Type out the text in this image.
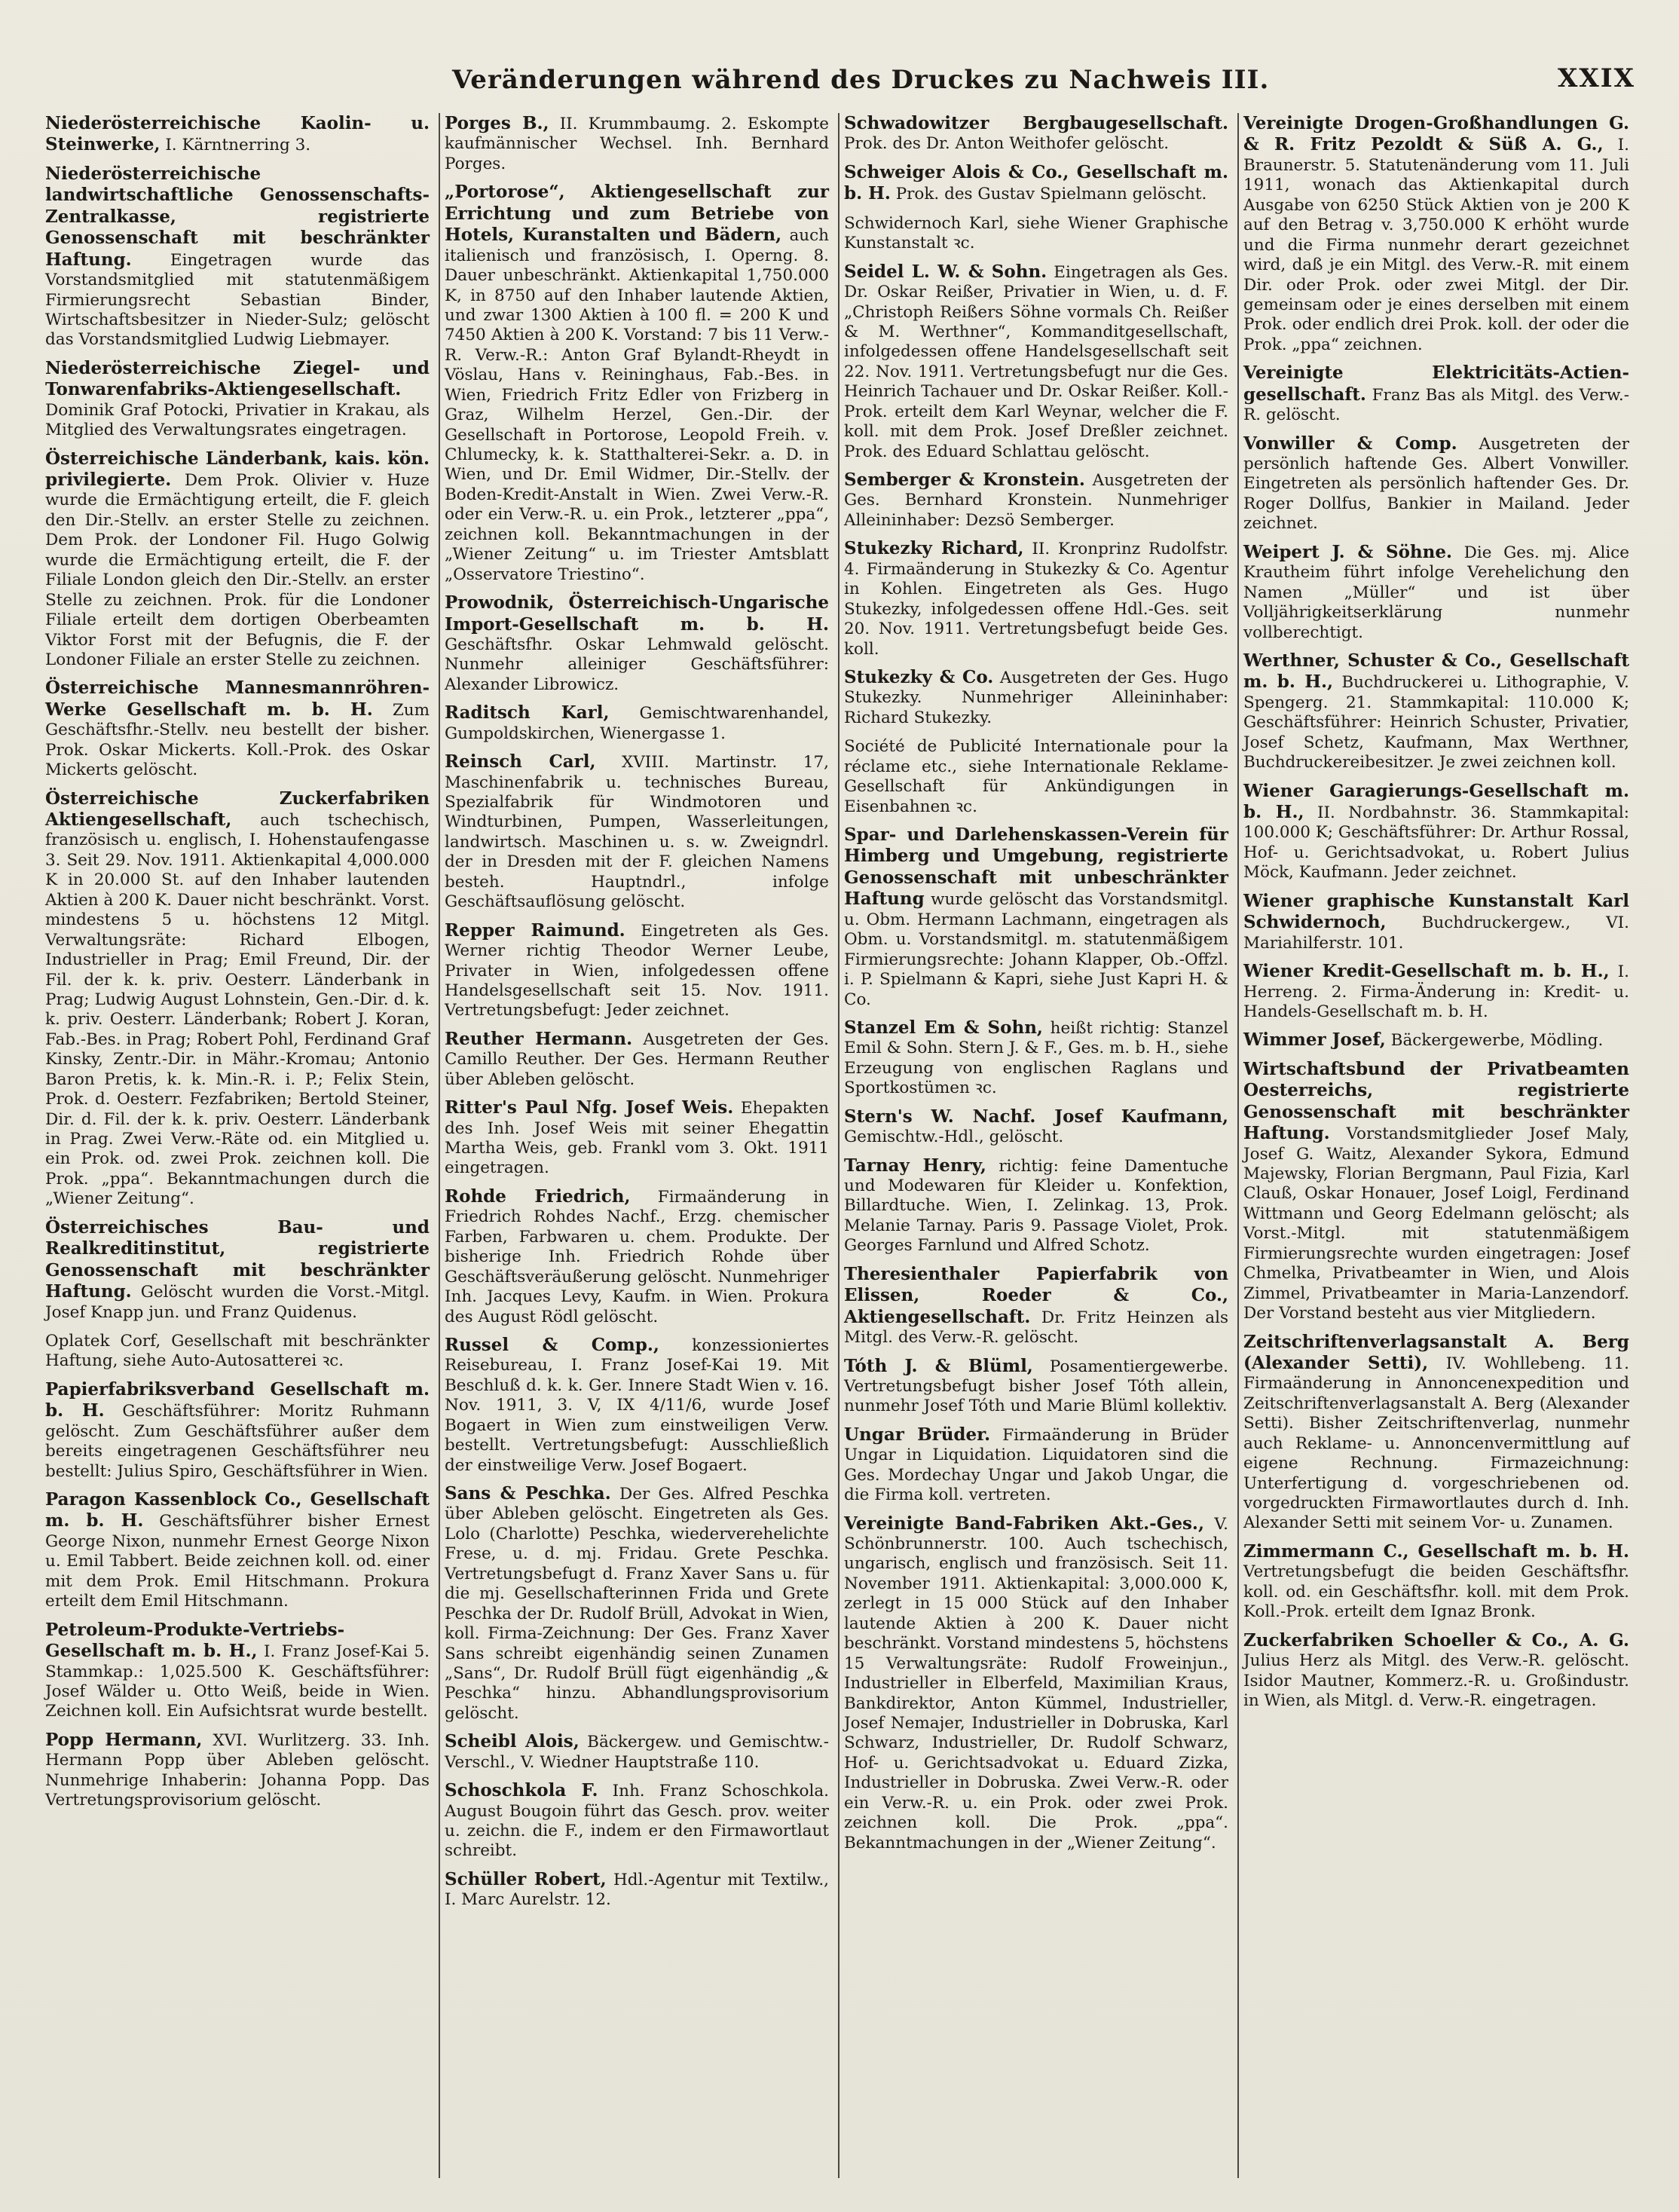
Veränderungen während des Druckes zu Nachweis III.	XXIX

Niederösterreichische Kaolin- u. Steinwerke, I. Kärntnerring 3.

Niederösterreichische landwirtschaftliche Genossenschafts-Zentralkasse, registrierte Genossenschaft mit beschränkter Haftung. Eingetragen wurde das Vorstandsmitglied mit statutenmäßigem Firmierungsrecht Sebastian Binder, Wirtschaftsbesitzer in Nieder-Sulz; gelöscht das Vorstandsmitglied Ludwig Liebmayer.

Niederösterreichische Ziegel- und Tonwarenfabriks-Aktiengesellschaft. Dominik Graf Potocki, Privatier in Krakau, als Mitglied des Verwaltungsrates eingetragen.

Österreichische Länderbank, kais. kön. privilegierte. Dem Prok. Olivier v. Huze wurde die Ermächtigung erteilt, die F. gleich den Dir.-Stellv. an erster Stelle zu zeichnen. Dem Prok. der Londoner Fil. Hugo Golwig wurde die Ermächtigung erteilt, die F. der Filiale London gleich den Dir.-Stellv. an erster Stelle zu zeichnen. Prok. für die Londoner Filiale erteilt dem dortigen Oberbeamten Viktor Forst mit der Befugnis, die F. der Londoner Filiale an erster Stelle zu zeichnen.

Österreichische Mannesmannröhren-Werke Gesellschaft m. b. H. Zum Geschäftsfhr.-Stellv. neu bestellt der bisher. Prok. Oskar Mickerts. Koll.-Prok. des Oskar Mickerts gelöscht.

Österreichische Zuckerfabriken Aktiengesellschaft, auch tschechisch, französisch u. englisch, I. Hohenstaufengasse 3. Seit 29. Nov. 1911. Aktienkapital 4,000.000 K in 20.000 St. auf den Inhaber lautenden Aktien à 200 K. Dauer nicht beschränkt. Vorst. mindestens 5 u. höchstens 12 Mitgl. Verwaltungsräte: Richard Elbogen, Industrieller in Prag; Emil Freund, Dir. der Fil. der k. k. priv. Oesterr. Länderbank in Prag; Ludwig August Lohnstein, Gen.-Dir. d. k. k. priv. Oesterr. Länderbank; Robert J. Koran, Fab.-Bes. in Prag; Robert Pohl, Ferdinand Graf Kinsky, Zentr.-Dir. in Mähr.-Kromau; Antonio Baron Pretis, k. k. Min.-R. i. P.; Felix Stein, Prok. d. Oesterr. Fezfabriken; Bertold Steiner, Dir. d. Fil. der k. k. priv. Oesterr. Länderbank in Prag. Zwei Verw.-Räte od. ein Mitglied u. ein Prok. od. zwei Prok. zeichnen koll. Die Prok. „ppa“. Bekanntmachungen durch die „Wiener Zeitung“.

Österreichisches Bau- und Realkreditinstitut, registrierte Genossenschaft mit beschränkter Haftung. Gelöscht wurden die Vorst.-Mitgl. Josef Knapp jun. und Franz Quidenus.

Oplatek Corf, Gesellschaft mit beschränkter Haftung, siehe Auto-Autosatterei ꝛc.

Papierfabriksverband Gesellschaft m. b. H. Geschäftsführer: Moritz Ruhmann gelöscht. Zum Geschäftsführer außer dem bereits eingetragenen Geschäftsführer neu bestellt: Julius Spiro, Geschäftsführer in Wien.

Paragon Kassenblock Co., Gesellschaft m. b. H. Geschäftsführer bisher Ernest George Nixon, nunmehr Ernest George Nixon u. Emil Tabbert. Beide zeichnen koll. od. einer mit dem Prok. Emil Hitschmann. Prokura erteilt dem Emil Hitschmann.

Petroleum-Produkte-Vertriebs-Gesellschaft m. b. H., I. Franz Josef-Kai 5. Stammkap.: 1,025.500 K. Geschäftsführer: Josef Wälder u. Otto Weiß, beide in Wien. Zeichnen koll. Ein Aufsichtsrat wurde bestellt.

Popp Hermann, XVI. Wurlitzerg. 33. Inh. Hermann Popp über Ableben gelöscht. Nunmehrige Inhaberin: Johanna Popp. Das Vertretungsprovisorium gelöscht.

Porges B., II. Krummbaumg. 2. Eskompte kaufmännischer Wechsel. Inh. Bernhard Porges.

„Portorose“, Aktiengesellschaft zur Errichtung und zum Betriebe von Hotels, Kuranstalten und Bädern, auch italienisch und französisch, I. Operng. 8. Dauer unbeschränkt. Aktienkapital 1,750.000 K, in 8750 auf den Inhaber lautende Aktien, und zwar 1300 Aktien à 100 fl. = 200 K und 7450 Aktien à 200 K. Vorstand: 7 bis 11 Verw.-R. Verw.-R.: Anton Graf Bylandt-Rheydt in Vöslau, Hans v. Reininghaus, Fab.-Bes. in Wien, Friedrich Fritz Edler von Frizberg in Graz, Wilhelm Herzel, Gen.-Dir. der Gesellschaft in Portorose, Leopold Freih. v. Chlumecky, k. k. Statthalterei-Sekr. a. D. in Wien, und Dr. Emil Widmer, Dir.-Stellv. der Boden-Kredit-Anstalt in Wien. Zwei Verw.-R. oder ein Verw.-R. u. ein Prok., letzterer „ppa“, zeichnen koll. Bekanntmachungen in der „Wiener Zeitung“ u. im Triester Amtsblatt „Osservatore Triestino“.

Prowodnik, Österreichisch-Ungarische Import-Gesellschaft m. b. H. Geschäftsfhr. Oskar Lehmwald gelöscht. Nunmehr alleiniger Geschäftsführer: Alexander Librowicz.

Raditsch Karl, Gemischtwarenhandel, Gumpoldskirchen, Wienergasse 1.

Reinsch Carl, XVIII. Martinstr. 17, Maschinenfabrik u. technisches Bureau, Spezialfabrik für Windmotoren und Windturbinen, Pumpen, Wasserleitungen, landwirtsch. Maschinen u. s. w. Zweigndrl. der in Dresden mit der F. gleichen Namens besteh. Hauptndrl., infolge Geschäftsauflösung gelöscht.

Repper Raimund. Eingetreten als Ges. Werner richtig Theodor Werner Leube, Privater in Wien, infolgedessen offene Handelsgesellschaft seit 15. Nov. 1911. Vertretungsbefugt: Jeder zeichnet.

Reuther Hermann. Ausgetreten der Ges. Camillo Reuther. Der Ges. Hermann Reuther über Ableben gelöscht.

Ritter's Paul Nfg. Josef Weis. Ehepakten des Inh. Josef Weis mit seiner Ehegattin Martha Weis, geb. Frankl vom 3. Okt. 1911 eingetragen.

Rohde Friedrich, Firmaänderung in Friedrich Rohdes Nachf., Erzg. chemischer Farben, Farbwaren u. chem. Produkte. Der bisherige Inh. Friedrich Rohde über Geschäftsveräußerung gelöscht. Nunmehriger Inh. Jacques Levy, Kaufm. in Wien. Prokura des August Rödl gelöscht.

Russel & Comp., konzessioniertes Reisebureau, I. Franz Josef-Kai 19. Mit Beschluß d. k. k. Ger. Innere Stadt Wien v. 16. Nov. 1911, 3. V, IX 4/11/6, wurde Josef Bogaert in Wien zum einstweiligen Verw. bestellt. Vertretungsbefugt: Ausschließlich der einstweilige Verw. Josef Bogaert.

Sans & Peschka. Der Ges. Alfred Peschka über Ableben gelöscht. Eingetreten als Ges. Lolo (Charlotte) Peschka, wiederverehelichte Frese, u. d. mj. Fridau. Grete Peschka. Vertretungsbefugt d. Franz Xaver Sans u. für die mj. Gesellschafterinnen Frida und Grete Peschka der Dr. Rudolf Brüll, Advokat in Wien, koll. Firma-Zeichnung: Der Ges. Franz Xaver Sans schreibt eigenhändig seinen Zunamen „Sans“, Dr. Rudolf Brüll fügt eigenhändig „& Peschka“ hinzu. Abhandlungsprovisorium gelöscht.

Scheibl Alois, Bäckergew. und Gemischtw.-Verschl., V. Wiedner Hauptstraße 110.

Schoschkola F. Inh. Franz Schoschkola. August Bougoin führt das Gesch. prov. weiter u. zeichn. die F., indem er den Firmawortlaut schreibt.

Schüller Robert, Hdl.-Agentur mit Textilw., I. Marc Aurelstr. 12.

Schwadowitzer Bergbaugesellschaft. Prok. des Dr. Anton Weithofer gelöscht.

Schweiger Alois & Co., Gesellschaft m. b. H. Prok. des Gustav Spielmann gelöscht.

Schwidernoch Karl, siehe Wiener Graphische Kunstanstalt ꝛc.

Seidel L. W. & Sohn. Eingetragen als Ges. Dr. Oskar Reißer, Privatier in Wien, u. d. F. „Christoph Reißers Söhne vormals Ch. Reißer & M. Werthner“, Kommanditgesellschaft, infolgedessen offene Handelsgesellschaft seit 22. Nov. 1911. Vertretungsbefugt nur die Ges. Heinrich Tachauer und Dr. Oskar Reißer. Koll.-Prok. erteilt dem Karl Weynar, welcher die F. koll. mit dem Prok. Josef Dreßler zeichnet. Prok. des Eduard Schlattau gelöscht.

Semberger & Kronstein. Ausgetreten der Ges. Bernhard Kronstein. Nunmehriger Alleininhaber: Dezsö Semberger.

Stukezky Richard, II. Kronprinz Rudolfstr. 4. Firmaänderung in Stukezky & Co. Agentur in Kohlen. Eingetreten als Ges. Hugo Stukezky, infolgedessen offene Hdl.-Ges. seit 20. Nov. 1911. Vertretungsbefugt beide Ges. koll.

Stukezky & Co. Ausgetreten der Ges. Hugo Stukezky. Nunmehriger Alleininhaber: Richard Stukezky.

Société de Publicité Internationale pour la réclame etc., siehe Internationale Reklame-Gesellschaft für Ankündigungen in Eisenbahnen ꝛc.

Spar- und Darlehenskassen-Verein für Himberg und Umgebung, registrierte Genossenschaft mit unbeschränkter Haftung wurde gelöscht das Vorstandsmitgl. u. Obm. Hermann Lachmann, eingetragen als Obm. u. Vorstandsmitgl. m. statutenmäßigem Firmierungsrechte: Johann Klapper, Ob.-Offzl. i. P. Spielmann & Kapri, siehe Just Kapri H. & Co.

Stanzel Em & Sohn, heißt richtig: Stanzel Emil & Sohn. Stern J. & F., Ges. m. b. H., siehe Erzeugung von englischen Raglans und Sportkostümen ꝛc.

Stern's W. Nachf. Josef Kaufmann, Gemischtw.-Hdl., gelöscht.

Tarnay Henry, richtig: feine Damentuche und Modewaren für Kleider u. Konfektion, Billardtuche. Wien, I. Zelinkag. 13, Prok. Melanie Tarnay. Paris 9. Passage Violet, Prok. Georges Farnlund und Alfred Schotz.

Theresienthaler Papierfabrik von Elissen, Roeder & Co., Aktiengesellschaft. Dr. Fritz Heinzen als Mitgl. des Verw.-R. gelöscht.

Tóth J. & Blüml, Posamentiergewerbe. Vertretungsbefugt bisher Josef Tóth allein, nunmehr Josef Tóth und Marie Blüml kollektiv.

Ungar Brüder. Firmaänderung in Brüder Ungar in Liquidation. Liquidatoren sind die Ges. Mordechay Ungar und Jakob Ungar, die die Firma koll. vertreten.

Vereinigte Band-Fabriken Akt.-Ges., V. Schönbrunnerstr. 100. Auch tschechisch, ungarisch, englisch und französisch. Seit 11. November 1911. Aktienkapital: 3,000.000 K, zerlegt in 15 000 Stück auf den Inhaber lautende Aktien à 200 K. Dauer nicht beschränkt. Vorstand mindestens 5, höchstens 15 Verwaltungsräte: Rudolf Froweinjun., Industrieller in Elberfeld, Maximilian Kraus, Bankdirektor, Anton Kümmel, Industrieller, Josef Nemajer, Industrieller in Dobruska, Karl Schwarz, Industrieller, Dr. Rudolf Schwarz, Hof- u. Gerichtsadvokat u. Eduard Zizka, Industrieller in Dobruska. Zwei Verw.-R. oder ein Verw.-R. u. ein Prok. oder zwei Prok. zeichnen koll. Die Prok. „ppa“. Bekanntmachungen in der „Wiener Zeitung“.

Vereinigte Drogen-Großhandlungen G. & R. Fritz Pezoldt & Süß A. G., I. Braunerstr. 5. Statutenänderung vom 11. Juli 1911, wonach das Aktienkapital durch Ausgabe von 6250 Stück Aktien von je 200 K auf den Betrag v. 3,750.000 K erhöht wurde und die Firma nunmehr derart gezeichnet wird, daß je ein Mitgl. des Verw.-R. mit einem Dir. oder Prok. oder zwei Mitgl. der Dir. gemeinsam oder je eines derselben mit einem Prok. oder endlich drei Prok. koll. der oder die Prok. „ppa“ zeichnen.

Vereinigte Elektricitäts-Actien-gesellschaft. Franz Bas als Mitgl. des Verw.-R. gelöscht.

Vonwiller & Comp. Ausgetreten der persönlich haftende Ges. Albert Vonwiller. Eingetreten als persönlich haftender Ges. Dr. Roger Dollfus, Bankier in Mailand. Jeder zeichnet.

Weipert J. & Söhne. Die Ges. mj. Alice Krautheim führt infolge Verehelichung den Namen „Müller“ und ist über Volljährigkeitserklärung nunmehr vollberechtigt.

Werthner, Schuster & Co., Gesellschaft m. b. H., Buchdruckerei u. Lithographie, V. Spengerg. 21. Stammkapital: 110.000 K; Geschäftsführer: Heinrich Schuster, Privatier, Josef Schetz, Kaufmann, Max Werthner, Buchdruckereibesitzer. Je zwei zeichnen koll.

Wiener Garagierungs-Gesellschaft m. b. H., II. Nordbahnstr. 36. Stammkapital: 100.000 K; Geschäftsführer: Dr. Arthur Rossal, Hof- u. Gerichtsadvokat, u. Robert Julius Möck, Kaufmann. Jeder zeichnet.

Wiener graphische Kunstanstalt Karl Schwidernoch, Buchdruckergew., VI. Mariahilferstr. 101.

Wiener Kredit-Gesellschaft m. b. H., I. Herreng. 2. Firma-Änderung in: Kredit- u. Handels-Gesellschaft m. b. H.

Wimmer Josef, Bäckergewerbe, Mödling.

Wirtschaftsbund der Privatbeamten Oesterreichs, registrierte Genossenschaft mit beschränkter Haftung. Vorstandsmitglieder Josef Maly, Josef G. Waitz, Alexander Sykora, Edmund Majewsky, Florian Bergmann, Paul Fizia, Karl Clauß, Oskar Honauer, Josef Loigl, Ferdinand Wittmann und Georg Edelmann gelöscht; als Vorst.-Mitgl. mit statutenmäßigem Firmierungsrechte wurden eingetragen: Josef Chmelka, Privatbeamter in Wien, und Alois Zimmel, Privatbeamter in Maria-Lanzendorf. Der Vorstand besteht aus vier Mitgliedern.

Zeitschriftenverlagsanstalt A. Berg (Alexander Setti), IV. Wohllebeng. 11. Firmaänderung in Annoncenexpedition und Zeitschriftenverlagsanstalt A. Berg (Alexander Setti). Bisher Zeitschriftenverlag, nunmehr auch Reklame- u. Annoncenvermittlung auf eigene Rechnung. Firmazeichnung: Unterfertigung d. vorgeschriebenen od. vorgedruckten Firmawortlautes durch d. Inh. Alexander Setti mit seinem Vor- u. Zunamen.

Zimmermann C., Gesellschaft m. b. H. Vertretungsbefugt die beiden Geschäftsfhr. koll. od. ein Geschäftsfhr. koll. mit dem Prok. Koll.-Prok. erteilt dem Ignaz Bronk.

Zuckerfabriken Schoeller & Co., A. G. Julius Herz als Mitgl. des Verw.-R. gelöscht. Isidor Mautner, Kommerz.-R. u. Großindustr. in Wien, als Mitgl. d. Verw.-R. eingetragen.
